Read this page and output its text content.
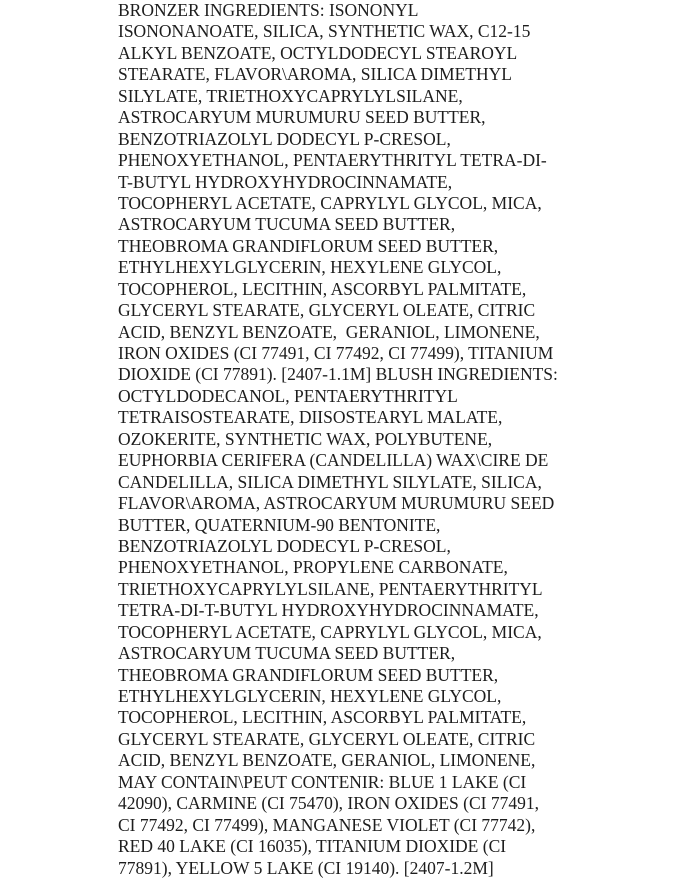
BRONZER INGREDIENTS: ISONONYL
ISONONANOATE, SILICA, SYNTHETIC WAX, C12-15
ALKYL BENZOATE, OCTYLDODECYL STEAROYL
STEARATE, FLAVOR\AROMA, SILICA DIMETHYL
SILYLATE, TRIETHOXYCAPRYLYLSILANE,
ASTROCARYUM MURUMURU SEED BUTTER,
BENZOTRIAZOLYL DODECYL P-CRESOL,
PHENOXYETHANOL, PENTAERYTHRITYL TETRA-DI-
T-BUTYL HYDROXYHYDROCINNAMATE,
TOCOPHERYL ACETATE, CAPRYLYL GLYCOL, MICA,
ASTROCARYUM TUCUMA SEED BUTTER,
THEOBROMA GRANDIFLORUM SEED BUTTER,
ETHYLHEXYLGLYCERIN, HEXYLENE GLYCOL,
TOCOPHEROL, LECITHIN, ASCORBYL PALMITATE,
GLYCERYL STEARATE, GLYCERYL OLEATE, CITRIC
ACID, BENZYL BENZOATE,  GERANIOL, LIMONENE,
IRON OXIDES (CI 77491, CI 77492, CI 77499), TITANIUM
DIOXIDE (CI 77891). [2407-1.1M] BLUSH INGREDIENTS:
OCTYLDODECANOL, PENTAERYTHRITYL
TETRAISOSTEARATE, DIISOSTEARYL MALATE,
OZOKERITE, SYNTHETIC WAX, POLYBUTENE,
EUPHORBIA CERIFERA (CANDELILLA) WAX\CIRE DE
CANDELILLA, SILICA DIMETHYL SILYLATE, SILICA,
FLAVOR\AROMA, ASTROCARYUM MURUMURU SEED
BUTTER, QUATERNIUM-90 BENTONITE,
BENZOTRIAZOLYL DODECYL P-CRESOL,
PHENOXYETHANOL, PROPYLENE CARBONATE,
TRIETHOXYCAPRYLYLSILANE, PENTAERYTHRITYL
TETRA-DI-T-BUTYL HYDROXYHYDROCINNAMATE,
TOCOPHERYL ACETATE, CAPRYLYL GLYCOL, MICA,
ASTROCARYUM TUCUMA SEED BUTTER,
THEOBROMA GRANDIFLORUM SEED BUTTER,
ETHYLHEXYLGLYCERIN, HEXYLENE GLYCOL,
TOCOPHEROL, LECITHIN, ASCORBYL PALMITATE,
GLYCERYL STEARATE, GLYCERYL OLEATE, CITRIC
ACID, BENZYL BENZOATE, GERANIOL, LIMONENE,
MAY CONTAIN\PEUT CONTENIR: BLUE 1 LAKE (CI
42090), CARMINE (CI 75470), IRON OXIDES (CI 77491,
CI 77492, CI 77499), MANGANESE VIOLET (CI 77742),
RED 40 LAKE (CI 16035), TITANIUM DIOXIDE (CI
77891), YELLOW 5 LAKE (CI 19140). [2407-1.2M]
